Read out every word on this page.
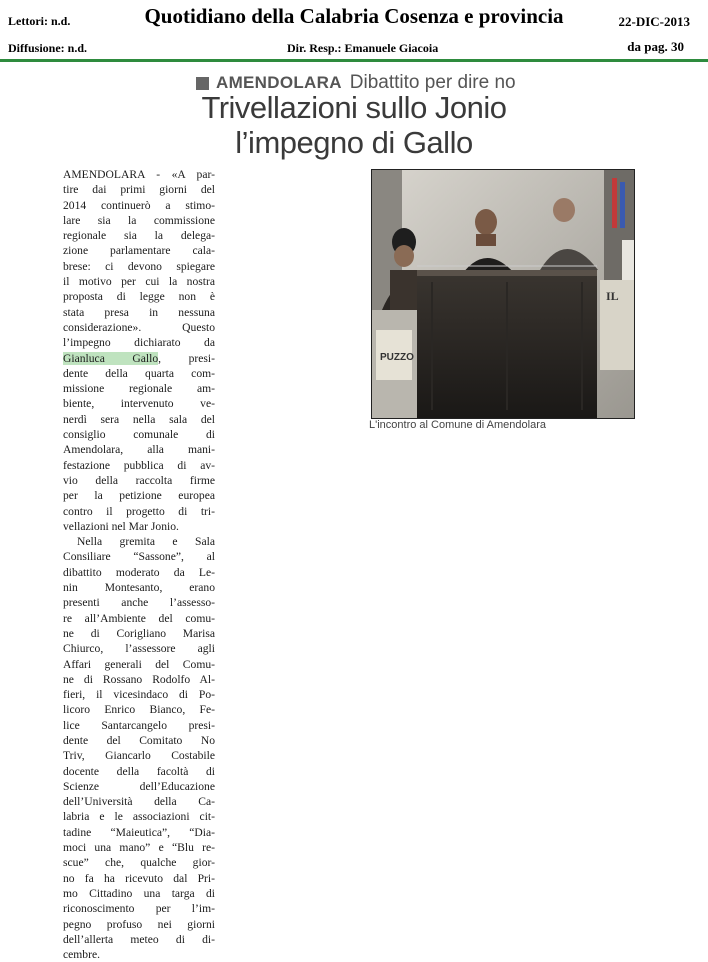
Lettori: n.d.	Quotidiano della Calabria Cosenza e provincia	22-DIC-2013
Diffusione: n.d.	Dir. Resp.: Emanuele Giacoia	da pag. 30
AMENDOLARA Dibattito per dire no
Trivellazioni sullo Jonio
l’impegno di Gallo

AMENDOLARA - «A par-
tire dai primi giorni del
2014 continuerò a stimo-
lare sia la commissione
regionale sia la delega-
zione parlamentare cala-
brese: ci devono spiegare
il motivo per cui la nostra
proposta di legge non è
stata presa in nessuna
considerazione». Questo
l’impegno dichiarato da
Gianluca Gallo, presi-
dente della quarta com-
missione regionale am-
biente, intervenuto ve-
nerdì sera nella sala del
consiglio comunale di
Amendolara, alla mani-
festazione pubblica di av-
vio della raccolta firme
per la petizione europea
contro il progetto di tri-
vellazioni nel Mar Jonio.

Nella gremita e Sala
Consiliare “Sassone”, al
dibattito moderato da Le-
nin Montesanto, erano
presenti anche l’assesso-
re all’Ambiente del comu-
ne di Corigliano Marisa
Chiurco, l’assessore agli
Affari generali del Comu-
ne di Rossano Rodolfo Al-
fieri, il vicesindaco di Po-
licoro Enrico Bianco, Fe-
lice Santarcangelo presi-
dente del Comitato No
Triv, Giancarlo Costabile
docente della facoltà di
Scienze dell’Educazione
dell’Università della Ca-
labria e le associazioni cit-
tadine “Maieutica”, “Dia-
moci una mano” e “Blu re-
scue” che, qualche gior-
no fa ha ricevuto dal Pri-
mo Cittadino una targa di
riconoscimento per l’im-
pegno profuso nei giorni
dell’allerta meteo di di-
cembre.

PUZZO
IL
L'incontro al Comune di Amendolara
